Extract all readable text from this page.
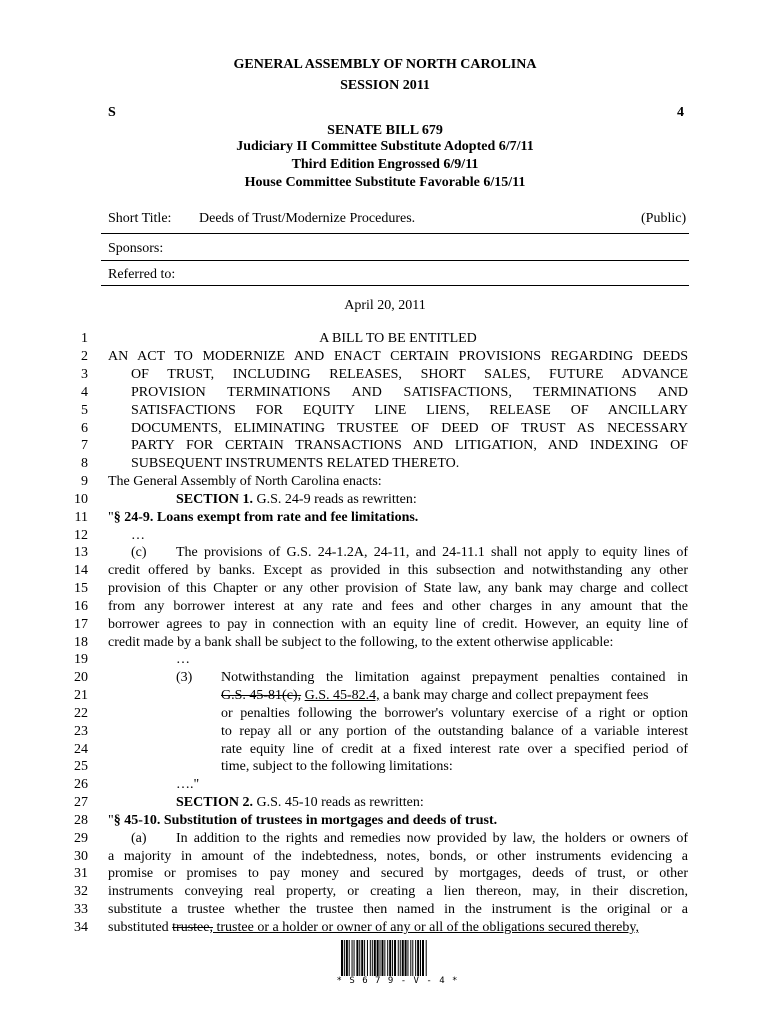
GENERAL ASSEMBLY OF NORTH CAROLINA
SESSION 2011
S	4
SENATE BILL 679
Judiciary II Committee Substitute Adopted 6/7/11
Third Edition Engrossed 6/9/11
House Committee Substitute Favorable 6/15/11
Short Title: Deeds of Trust/Modernize Procedures.	(Public)
Sponsors:
Referred to:
April 20, 2011
1
2
3
4
5
6
7
8
9
10
11
12
13
14
15
16
17
18
19
20
21
22
23
24
25
26
27
28
29
30
31
32
33
34
A BILL TO BE ENTITLED
AN ACT TO MODERNIZE AND ENACT CERTAIN PROVISIONS REGARDING DEEDS
OF TRUST, INCLUDING RELEASES, SHORT SALES, FUTURE ADVANCE
PROVISION TERMINATIONS AND SATISFACTIONS, TERMINATIONS AND
SATISFACTIONS FOR EQUITY LINE LIENS, RELEASE OF ANCILLARY
DOCUMENTS, ELIMINATING TRUSTEE OF DEED OF TRUST AS NECESSARY
PARTY FOR CERTAIN TRANSACTIONS AND LITIGATION, AND INDEXING OF
SUBSEQUENT INSTRUMENTS RELATED THERETO.
The General Assembly of North Carolina enacts:
SECTION 1. G.S. 24-9 reads as rewritten:
"§ 24-9. Loans exempt from rate and fee limitations.
…
(c)	The provisions of G.S. 24-1.2A, 24-11, and 24-11.1 shall not apply to equity lines of
credit offered by banks. Except as provided in this subsection and notwithstanding any other
provision of this Chapter or any other provision of State law, any bank may charge and collect
from any borrower interest at any rate and fees and other charges in any amount that the
borrower agrees to pay in connection with an equity line of credit. However, an equity line of
credit made by a bank shall be subject to the following, to the extent otherwise applicable:
…
(3)	Notwithstanding the limitation against prepayment penalties contained in
G.S. 45-81(c), G.S. 45-82.4, a bank may charge and collect prepayment fees
or penalties following the borrower's voluntary exercise of a right or option
to repay all or any portion of the outstanding balance of a variable interest
rate equity line of credit at a fixed interest rate over a specified period of
time, subject to the following limitations:
…."
SECTION 2. G.S. 45-10 reads as rewritten:
"§ 45-10. Substitution of trustees in mortgages and deeds of trust.
(a)	In addition to the rights and remedies now provided by law, the holders or owners of
a majority in amount of the indebtedness, notes, bonds, or other instruments evidencing a
promise or promises to pay money and secured by mortgages, deeds of trust, or other
instruments conveying real property, or creating a lien thereon, may, in their discretion,
substitute a trustee whether the trustee then named in the instrument is the original or a
substituted trustee, trustee or a holder or owner of any or all of the obligations secured thereby,
* S 6 7 9 - V - 4 *
